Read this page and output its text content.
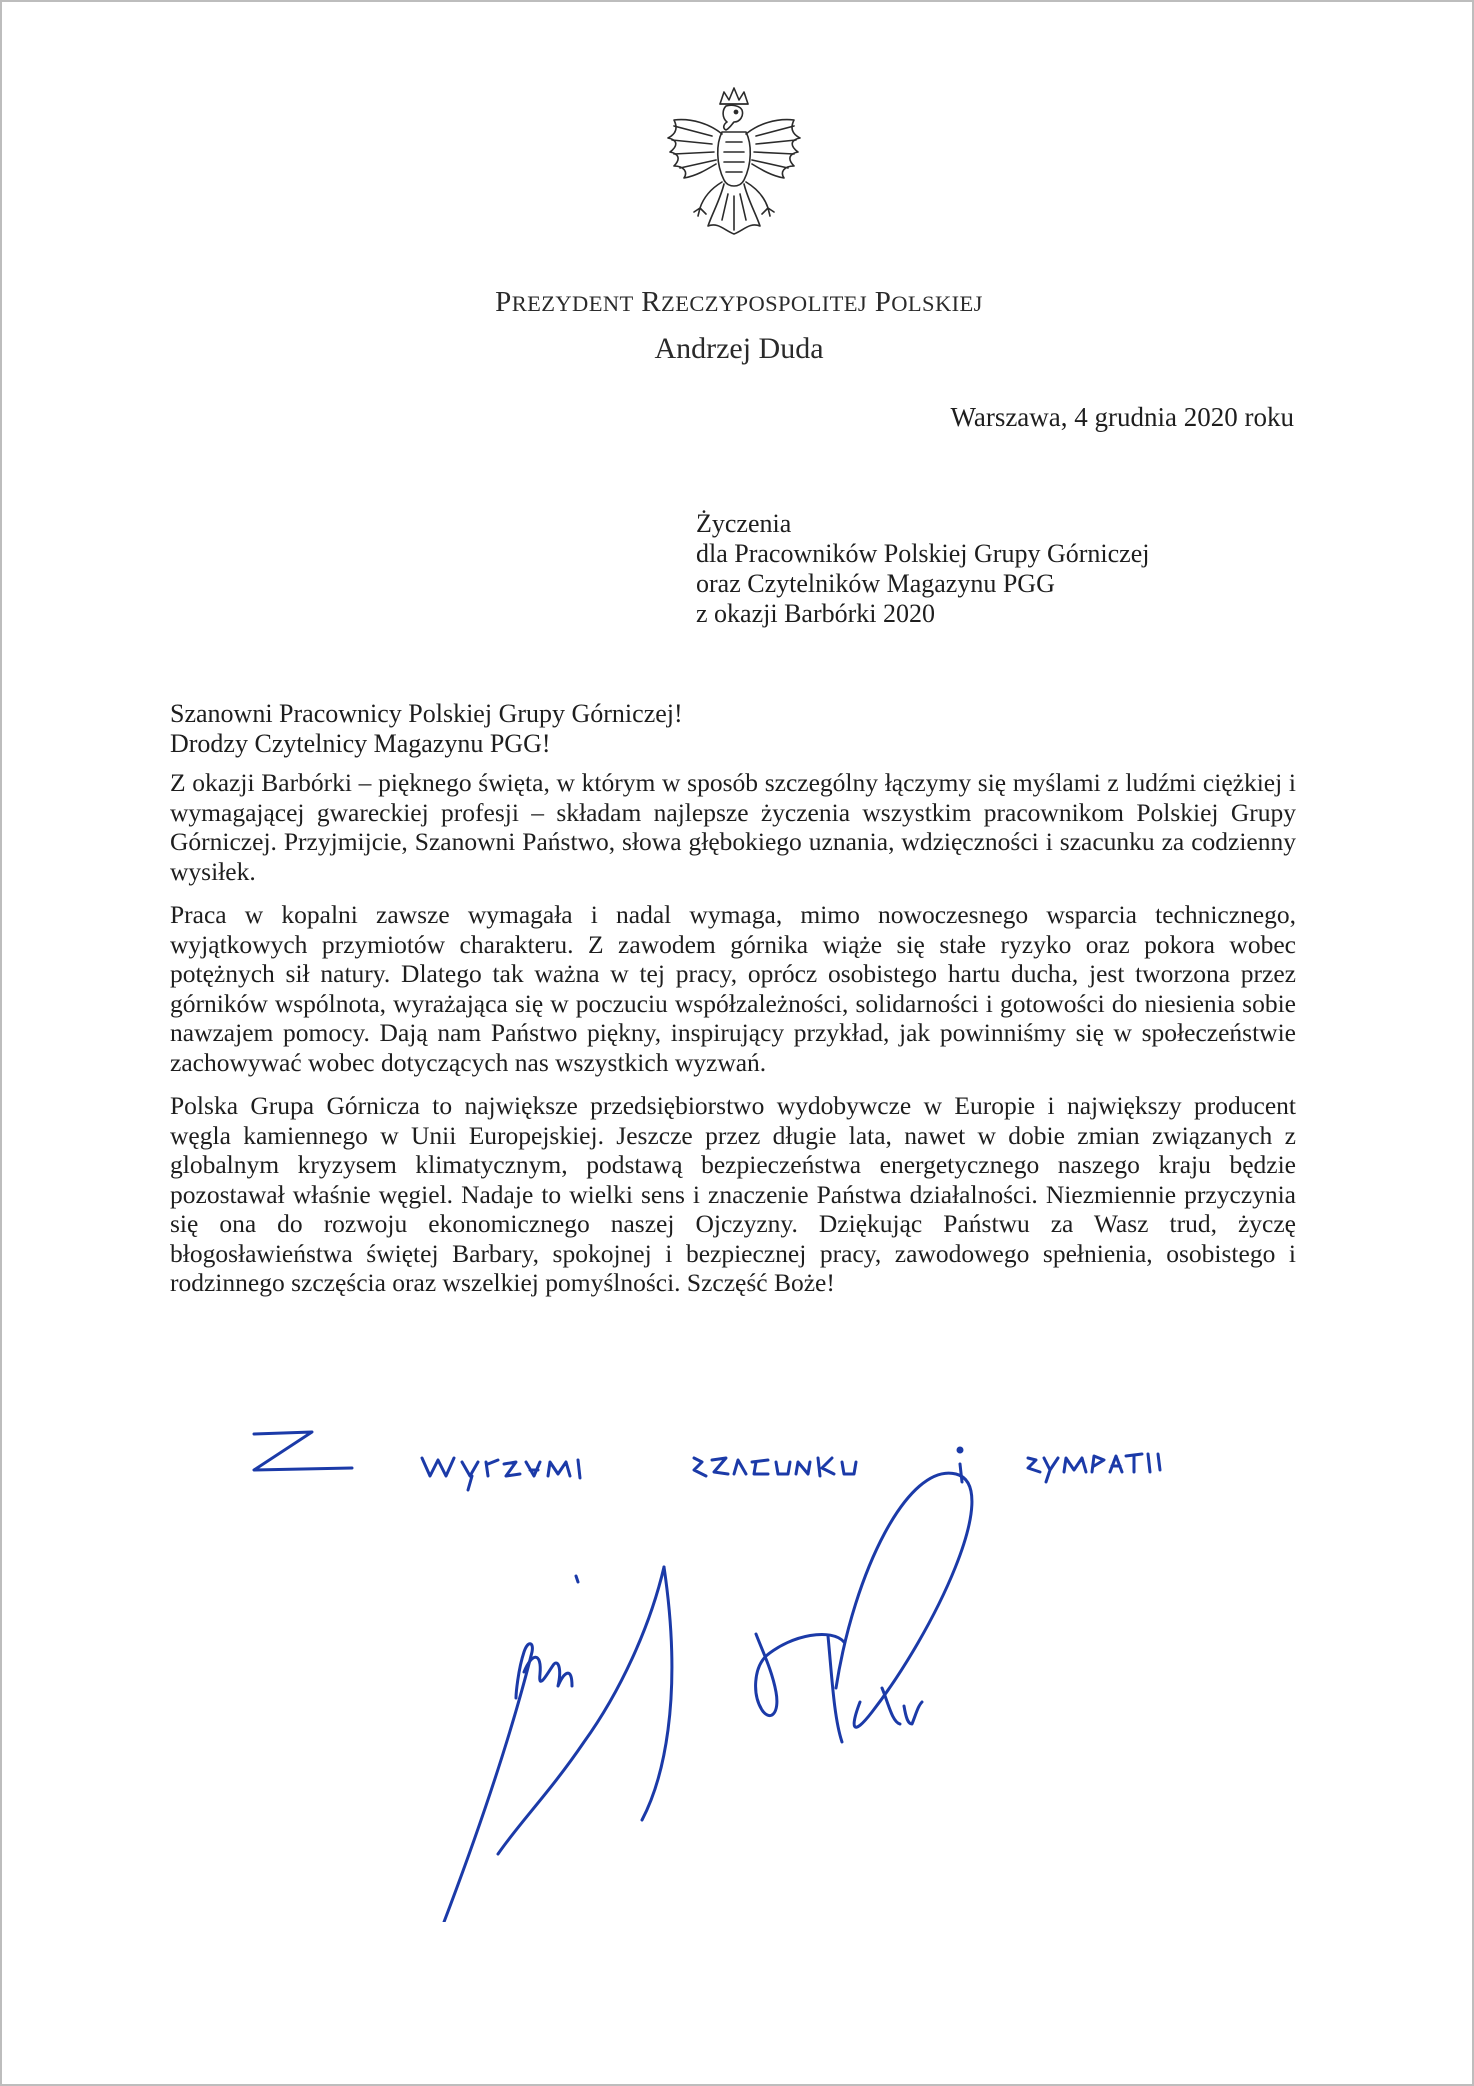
PREZYDENT RZECZYPOSPOLITEJ POLSKIEJ
Andrzej Duda
Warszawa, 4 grudnia 2020 roku
Życzenia
dla Pracowników Polskiej Grupy Górniczej
oraz Czytelników Magazynu PGG
z okazji Barbórki 2020
Szanowni Pracownicy Polskiej Grupy Górniczej!
Drodzy Czytelnicy Magazynu PGG!

Z okazji Barbórki – pięknego święta, w którym w sposób szczególny łączymy się myślami z ludźmi ciężkiej i wymagającej gwareckiej profesji – składam najlepsze życzenia wszystkim pracownikom Polskiej Grupy Górniczej. Przyjmijcie, Szanowni Państwo, słowa głębokiego uznania, wdzięczności i szacunku za codzienny wysiłek.

Praca w kopalni zawsze wymagała i nadal wymaga, mimo nowoczesnego wsparcia technicznego, wyjątkowych przymiotów charakteru. Z zawodem górnika wiąże się stałe ryzyko oraz pokora wobec potężnych sił natury. Dlatego tak ważna w tej pracy, oprócz osobistego hartu ducha, jest tworzona przez górników wspólnota, wyrażająca się w poczuciu współzależności, solidarności i gotowości do niesienia sobie nawzajem pomocy. Dają nam Państwo piękny, inspirujący przykład, jak powinniśmy się w społeczeństwie zachowywać wobec dotyczących nas wszystkich wyzwań.

Polska Grupa Górnicza to największe przedsiębiorstwo wydobywcze w Europie i największy producent węgla kamiennego w Unii Europejskiej. Jeszcze przez długie lata, nawet w dobie zmian związanych z globalnym kryzysem klimatycznym, podstawą bezpieczeństwa energetycznego naszego kraju będzie pozostawał właśnie węgiel. Nadaje to wielki sens i znaczenie Państwa działalności. Niezmiennie przyczynia się ona do rozwoju ekonomicznego naszej Ojczyzny. Dziękując Państwu za Wasz trud, życzę błogosławieństwa świętej Barbary, spokojnej i bezpiecznej pracy, zawodowego spełnienia, osobistego i rodzinnego szczęścia oraz wszelkiej pomyślności. Szczęść Boże!
